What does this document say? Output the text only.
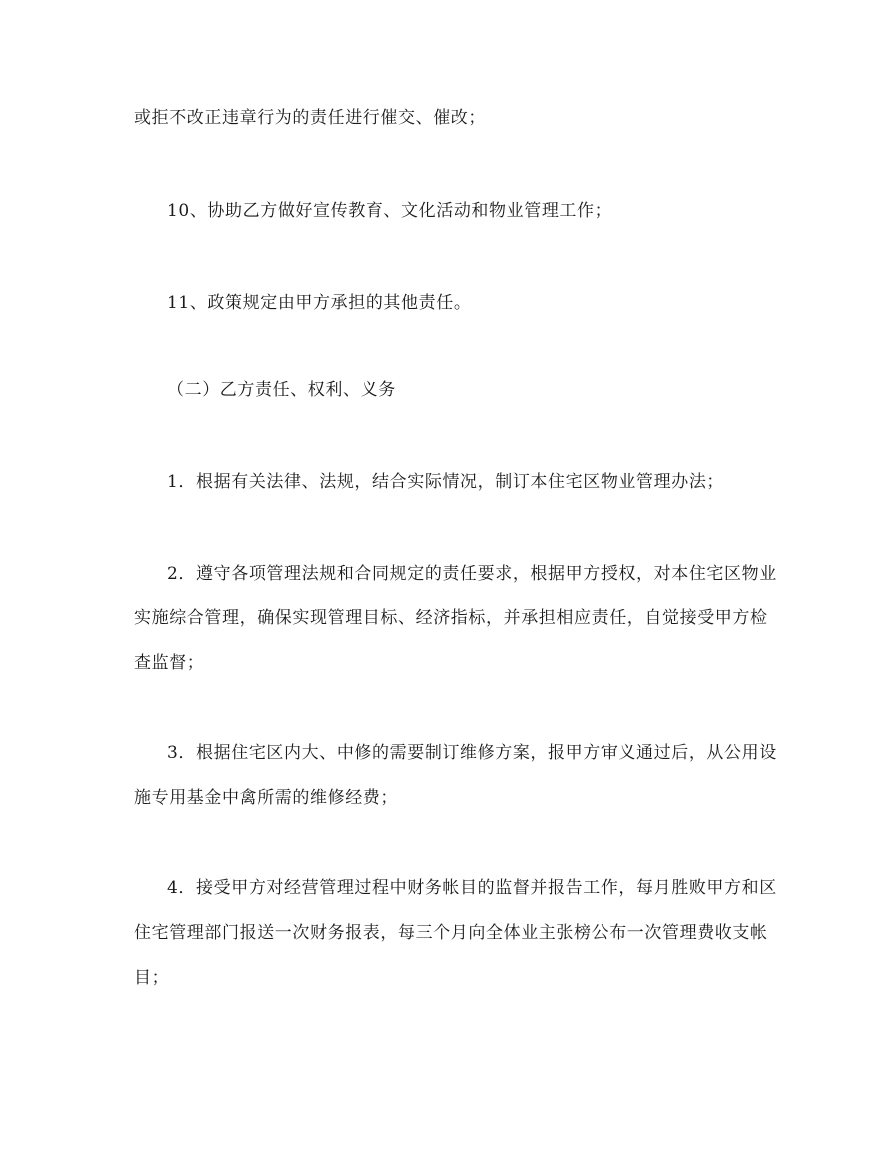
或拒不改正违章行为的责任进行催交、催改；
10、协助乙方做好宣传教育、文化活动和物业管理工作；
11、政策规定由甲方承担的其他责任。
（二）乙方责任、权利、义务
1．根据有关法律、法规，结合实际情况，制订本住宅区物业管理办法；
2．遵守各项管理法规和合同规定的责任要求，根据甲方授权，对本住宅区物业
实施综合管理，确保实现管理目标、经济指标，并承担相应责任，自觉接受甲方检
查监督；
3．根据住宅区内大、中修的需要制订维修方案，报甲方审义通过后，从公用设
施专用基金中禽所需的维修经费；
4．接受甲方对经营管理过程中财务帐目的监督并报告工作，每月胜败甲方和区
住宅管理部门报送一次财务报表，每三个月向全体业主张榜公布一次管理费收支帐
目；
